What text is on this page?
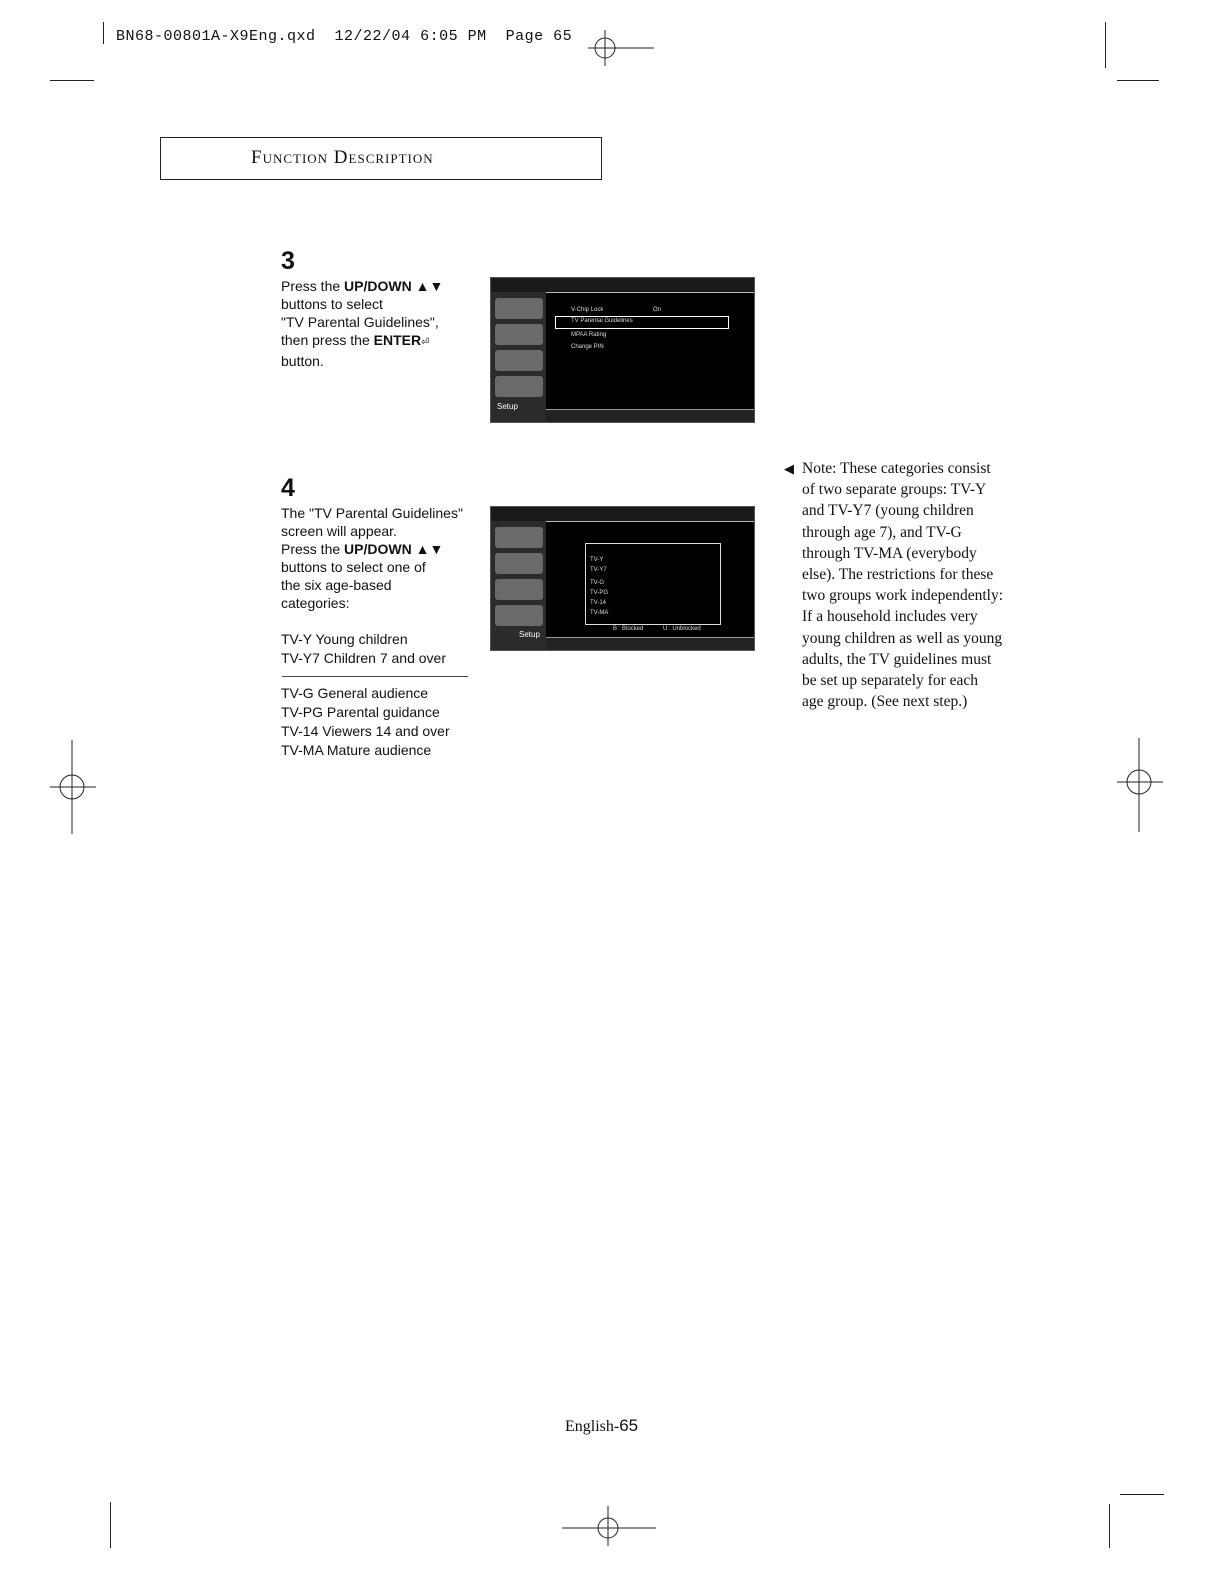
BN68-00801A-X9Eng.qxd 12/22/04 6:05 PM Page 65
Function Description
3
Press the UP/DOWN ▲▼
buttons to select
"TV Parental Guidelines",
then press the ENTER⏎
button.
Setup
V-Chip Lock	On
TV Parental Guidelines
MPAA Rating
Change PIN
4
The "TV Parental Guidelines"
screen will appear.
Press the UP/DOWN ▲▼
buttons to select one of
the six age-based
categories:
TV-Y Young children
TV-Y7 Children 7 and over
TV-G General audience
TV-PG Parental guidance
TV-14 Viewers 14 and over
TV-MA Mature audience
Setup
TV-Y
TV-Y7
TV-G
TV-PG
TV-14
TV-MA
B : Blocked	U : Unblocked
◀ Note: These categories consist
of two separate groups: TV-Y
and TV-Y7 (young children
through age 7), and TV-G
through TV-MA (everybody
else). The restrictions for these
two groups work independently:
If a household includes very
young children as well as young
adults, the TV guidelines must
be set up separately for each
age group. (See next step.)
English-65
